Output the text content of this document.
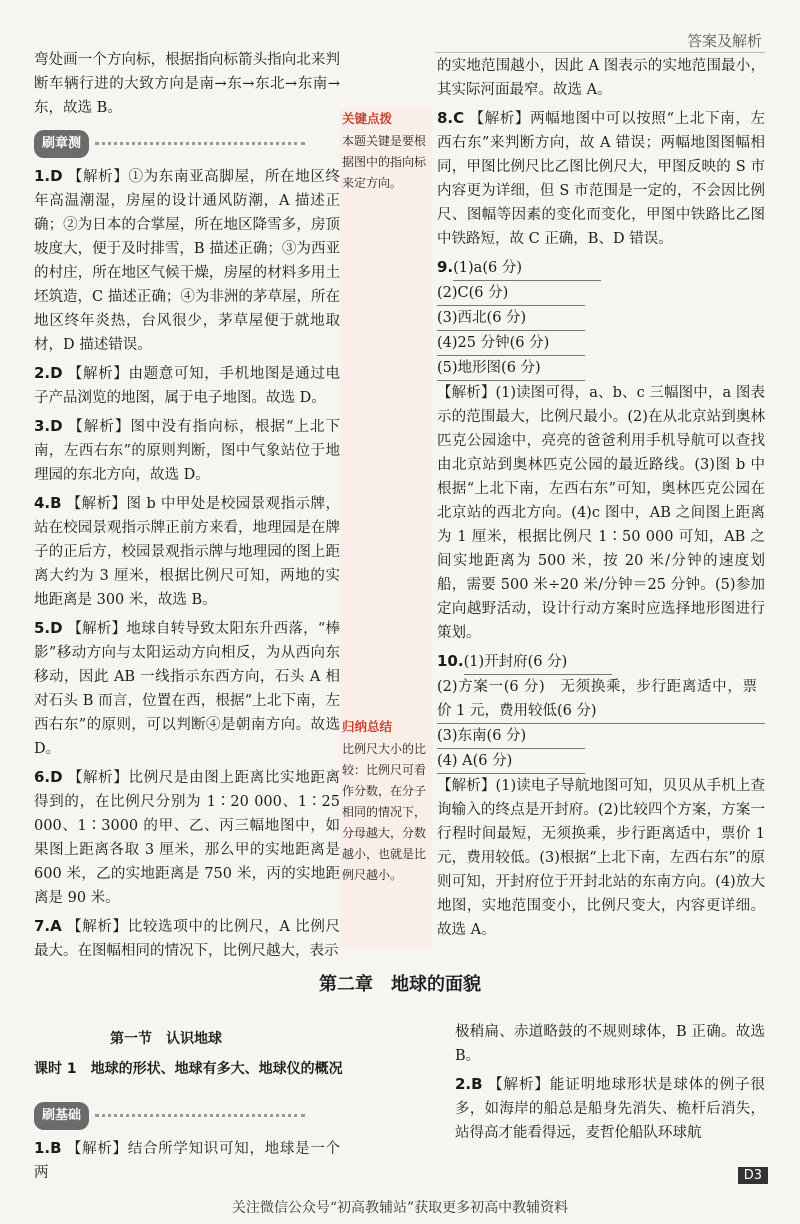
答案及解析

弯处画一个方向标，根据指向标箭头指向北来判断车辆行进的大致方向是南→东→东北→东南→东，故选 B。

刷章测

1.D 【解析】①为东南亚高脚屋，所在地区终年高温潮湿，房屋的设计通风防潮，A 描述正确；②为日本的合掌屋，所在地区降雪多，房顶坡度大，便于及时排雪，B 描述正确；③为西亚的村庄，所在地区气候干燥，房屋的材料多用土坯筑造，C 描述正确；④为非洲的茅草屋，所在地区终年炎热，台风很少，茅草屋便于就地取材，D 描述错误。

2.D 【解析】由题意可知，手机地图是通过电子产品浏览的地图，属于电子地图。故选 D。

3.D 【解析】图中没有指向标，根据“上北下南，左西右东”的原则判断，图中气象站位于地理园的东北方向，故选 D。

4.B 【解析】图 b 中甲处是校园景观指示牌，站在校园景观指示牌正前方来看，地理园是在牌子的正后方，校园景观指示牌与地理园的图上距离大约为 3 厘米，根据比例尺可知，两地的实地距离是 300 米，故选 B。

5.D 【解析】地球自转导致太阳东升西落，“棒影”移动方向与太阳运动方向相反，为从西向东移动，因此 AB 一线指示东西方向，石头 A 相对石头 B 而言，位置在西，根据“上北下南，左西右东”的原则，可以判断④是朝南方向。故选 D。

6.D 【解析】比例尺是由图上距离比实地距离得到的，在比例尺分别为 1∶20 000、1∶25 000、1∶3000 的甲、乙、丙三幅地图中，如果图上距离各取 3 厘米，那么甲的实地距离是 600 米，乙的实地距离是 750 米，丙的实地距离是 90 米。

7.A 【解析】比较选项中的比例尺，A 比例尺最大。在图幅相同的情况下，比例尺越大，表示

关键点拨
本题关键是要根据图中的指向标来定方向。
归纳总结
比例尺大小的比较：比例尺可看作分数，在分子相同的情况下，分母越大，分数越小，也就是比例尺越小。

的实地范围越小，因此 A 图表示的实地范围最小，其实际河面最窄。故选 A。

8.C 【解析】两幅地图中可以按照“上北下南，左西右东”来判断方向，故 A 错误；两幅地图图幅相同，甲图比例尺比乙图比例尺大，甲图反映的 S 市内容更为详细，但 S 市范围是一定的，不会因比例尺、图幅等因素的变化而变化，甲图中铁路比乙图中铁路短，故 C 正确，B、D 错误。

9.(1)a(6 分)
(2)C(6 分)
(3)西北(6 分)
(4)25 分钟(6 分)
(5)地形图(6 分)

【解析】(1)读图可得，a、b、c 三幅图中，a 图表示的范围最大，比例尺最小。(2)在从北京站到奥林匹克公园途中，亮亮的爸爸利用手机导航可以查找由北京站到奥林匹克公园的最近路线。(3)图 b 中根据“上北下南，左西右东”可知，奥林匹克公园在北京站的西北方向。(4)c 图中，AB 之间图上距离为 1 厘米，根据比例尺 1∶50 000 可知，AB 之间实地距离为 500 米，按 20 米/分钟的速度划船，需要 500 米÷20 米/分钟＝25 分钟。(5)参加定向越野活动，设计行动方案时应选择地形图进行策划。

10.(1)开封府(6 分)
(2)方案一(6 分)　无须换乘，步行距离适中，票价 1 元，费用较低(6 分)
(3)东南(6 分)
(4) A(6 分)

【解析】(1)读电子导航地图可知，贝贝从手机上查询输入的终点是开封府。(2)比较四个方案，方案一行程时间最短，无须换乘，步行距离适中，票价 1 元，费用较低。(3)根据“上北下南，左西右东”的原则可知，开封府位于开封北站的东南方向。(4)放大地图，实地范围变小，比例尺变大，内容更详细。故选 A。

第二章　地球的面貌
第一节　认识地球
课时 1　地球的形状、地球有多大、地球仪的概况
刷基础

1.B 【解析】结合所学知识可知，地球是一个两

极稍扁、赤道略鼓的不规则球体，B 正确。故选 B。

2.B 【解析】能证明地球形状是球体的例子很多，如海岸的船总是船身先消失、桅杆后消失，站得高才能看得远，麦哲伦船队环球航

D3
关注微信公众号“初高教辅站”获取更多初高中教辅资料
